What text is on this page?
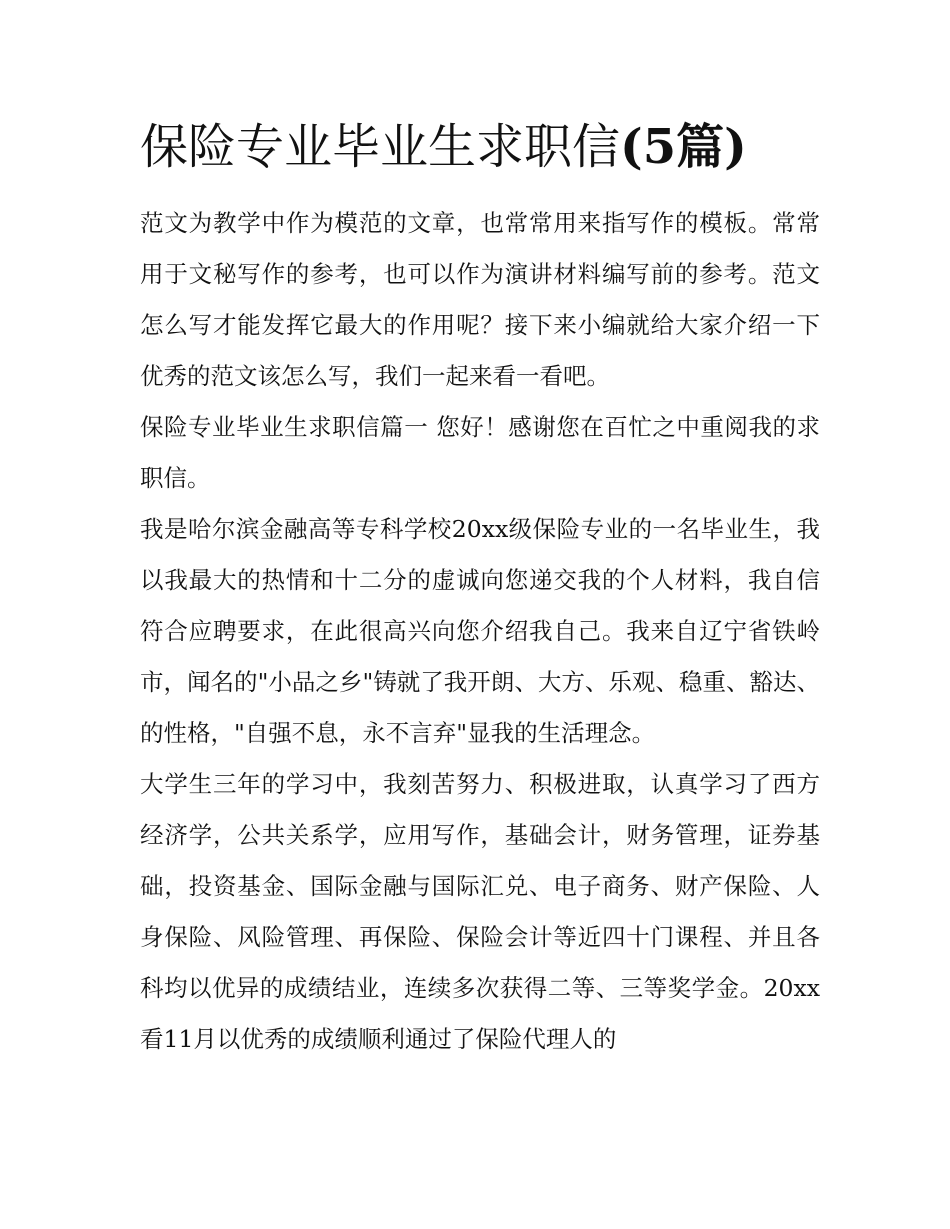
保险专业毕业生求职信(5篇)

范文为教学中作为模范的文章，也常常用来指写作的模板。常常用于文秘写作的参考，也可以作为演讲材料编写前的参考。范文怎么写才能发挥它最大的作用呢？接下来小编就给大家介绍一下优秀的范文该怎么写，我们一起来看一看吧。

保险专业毕业生求职信篇一 您好！感谢您在百忙之中重阅我的求职信。

我是哈尔滨金融高等专科学校20xx级保险专业的一名毕业生，我以我最大的热情和十二分的虚诚向您递交我的个人材料，我自信符合应聘要求，在此很高兴向您介绍我自己。我来自辽宁省铁岭市，闻名的"小品之乡"铸就了我开朗、大方、乐观、稳重、豁达、的性格，"自强不息，永不言弃"显我的生活理念。

大学生三年的学习中，我刻苦努力、积极进取，认真学习了西方经济学，公共关系学，应用写作，基础会计，财务管理，证券基础，投资基金、国际金融与国际汇兑、电子商务、财产保险、人身保险、风险管理、再保险、保险会计等近四十门课程、并且各科均以优异的成绩结业，连续多次获得二等、三等奖学金。20xx看11月以优秀的成绩顺利通过了保险代理人的
